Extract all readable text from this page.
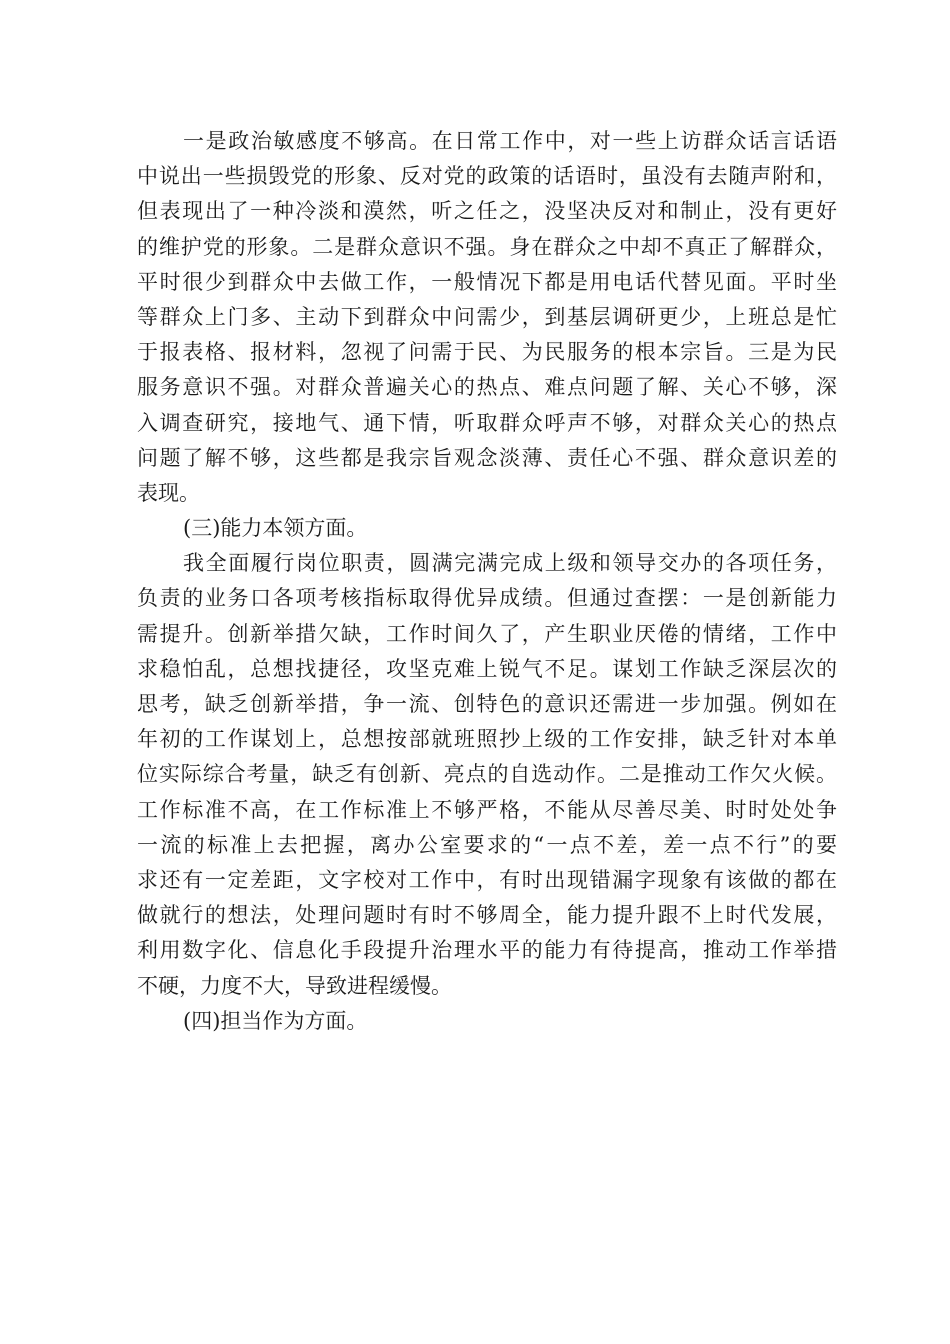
一是政治敏感度不够高。在日常工作中，对一些上访群众话言话语
中说出一些损毁党的形象、反对党的政策的话语时，虽没有去随声附和，
但表现出了一种冷淡和漠然，听之任之，没坚决反对和制止，没有更好
的维护党的形象。二是群众意识不强。身在群众之中却不真正了解群众，
平时很少到群众中去做工作，一般情况下都是用电话代替见面。平时坐
等群众上门多、主动下到群众中问需少，到基层调研更少，上班总是忙
于报表格、报材料，忽视了问需于民、为民服务的根本宗旨。三是为民
服务意识不强。对群众普遍关心的热点、难点问题了解、关心不够，深
入调查研究，接地气、通下情，听取群众呼声不够，对群众关心的热点
问题了解不够，这些都是我宗旨观念淡薄、责任心不强、群众意识差的
表现。
(三)能力本领方面。
我全面履行岗位职责，圆满完满完成上级和领导交办的各项任务，
负责的业务口各项考核指标取得优异成绩。但通过查摆：一是创新能力
需提升。创新举措欠缺，工作时间久了，产生职业厌倦的情绪，工作中
求稳怕乱，总想找捷径，攻坚克难上锐气不足。谋划工作缺乏深层次的
思考，缺乏创新举措，争一流、创特色的意识还需进一步加强。例如在
年初的工作谋划上，总想按部就班照抄上级的工作安排，缺乏针对本单
位实际综合考量，缺乏有创新、亮点的自选动作。二是推动工作欠火候。
工作标准不高，在工作标准上不够严格，不能从尽善尽美、时时处处争
一流的标准上去把握，离办公室要求的“一点不差，差一点不行”的要
求还有一定差距，文字校对工作中，有时出现错漏字现象有该做的都在
做就行的想法，处理问题时有时不够周全，能力提升跟不上时代发展，
利用数字化、信息化手段提升治理水平的能力有待提高，推动工作举措
不硬，力度不大，导致进程缓慢。
(四)担当作为方面。
